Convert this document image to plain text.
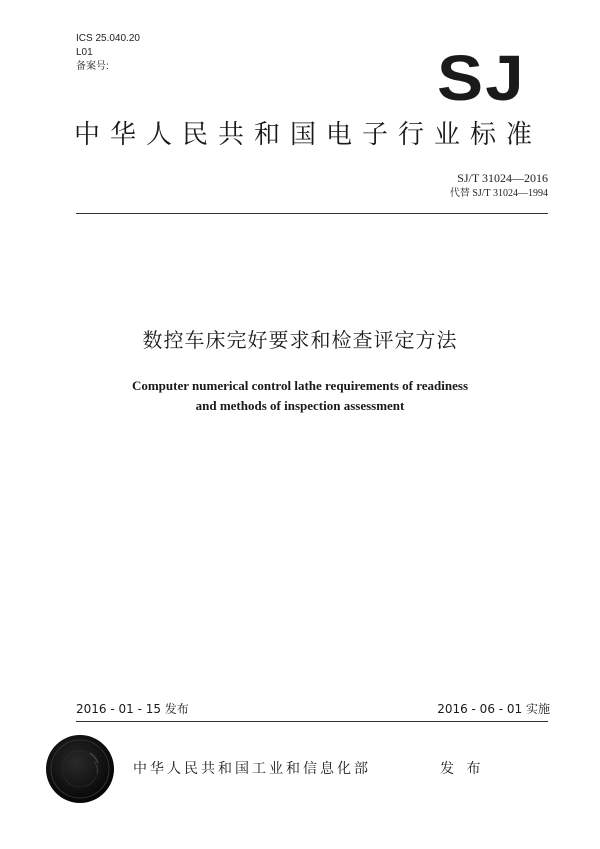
ICS 25.040.20
L01
备案号:	SJ
中华人民共和国电子行业标准
SJ/T 31024—2016
代替 SJ/T 31024—1994
数控车床完好要求和检查评定方法
Computer numerical control lathe requirements of readiness
and methods of inspection assessment
2016 - 01 - 15 发布	2016 - 06 - 01 实施
中华人民共和国工业和信息化部	发 布
